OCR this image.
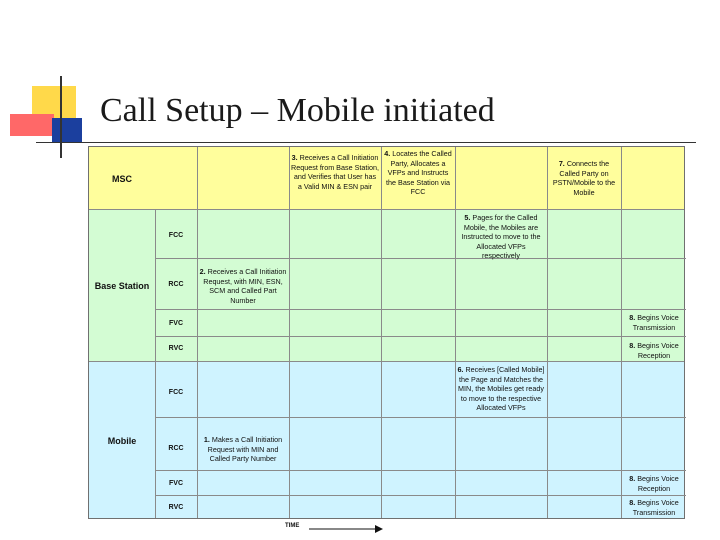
Call Setup – Mobile initiated
MSC
Base Station
Mobile
FCC
RCC
FVC
RVC
FCC
RCC
FVC
RVC
1. Makes a Call Initiation Request with MIN and Called Party Number
2. Receives a Call Initiation Request, with MIN, ESN, SCM and Called Part Number
3. Receives a Call Initiation Request from Base Station, and Verifies that User has a Valid MIN & ESN pair
4. Locates the Called Party, Allocates a VFPs and Instructs the Base Station via FCC
5. Pages for the Called Mobile, the Mobiles are Instructed to move to the Allocated VFPs respectively
6. Receives [Called Mobile] the Page and Matches the MIN, the Mobiles get ready to move to the respective Allocated VFPs
7. Connects the Called Party on PSTN/Mobile to the Mobile
8. Begins Voice Transmission
8. Begins Voice Reception
8. Begins Voice Reception
8. Begins Voice Transmission
TIME
